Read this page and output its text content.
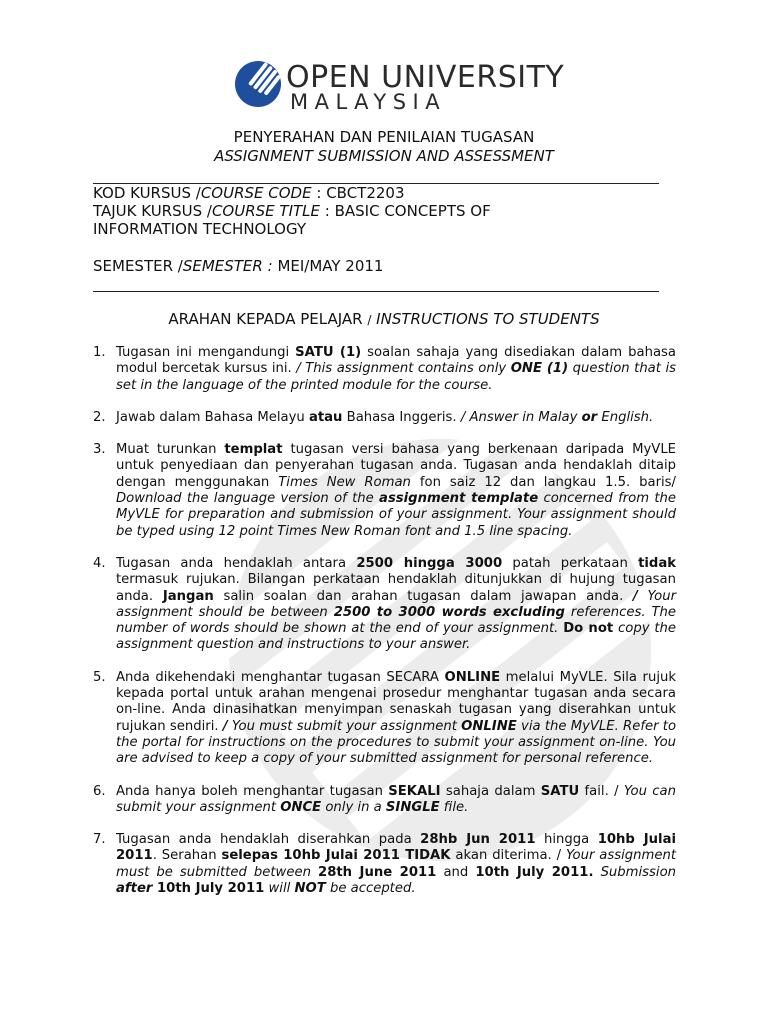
OPEN UNIVERSITY
MALAYSIA
PENYERAHAN DAN PENILAIAN TUGASAN
ASSIGNMENT SUBMISSION AND ASSESSMENT
KOD KURSUS /COURSE CODE : CBCT2203
TAJUK KURSUS /COURSE TITLE : BASIC CONCEPTS OF
INFORMATION TECHNOLOGY
SEMESTER /SEMESTER : MEI/MAY 2011
ARAHAN KEPADA PELAJAR / INSTRUCTIONS TO STUDENTS
1. Tugasan ini mengandungi SATU (1) soalan sahaja yang disediakan dalam bahasa modul bercetak kursus ini. / This assignment contains only ONE (1) question that is set in the language of the printed module for the course.
2. Jawab dalam Bahasa Melayu atau Bahasa Inggeris. / Answer in Malay or English.
3. Muat turunkan templat tugasan versi bahasa yang berkenaan daripada MyVLE untuk penyediaan dan penyerahan tugasan anda. Tugasan anda hendaklah ditaip dengan menggunakan Times New Roman fon saiz 12 dan langkau 1.5. baris/ Download the language version of the assignment template concerned from the MyVLE for preparation and submission of your assignment. Your assignment should be typed using 12 point Times New Roman font and 1.5 line spacing.
4. Tugasan anda hendaklah antara 2500 hingga 3000 patah perkataan tidak termasuk rujukan. Bilangan perkataan hendaklah ditunjukkan di hujung tugasan anda. Jangan salin soalan dan arahan tugasan dalam jawapan anda. / Your assignment should be between 2500 to 3000 words excluding references. The number of words should be shown at the end of your assignment. Do not copy the assignment question and instructions to your answer.
5. Anda dikehendaki menghantar tugasan SECARA ONLINE melalui MyVLE. Sila rujuk kepada portal untuk arahan mengenai prosedur menghantar tugasan anda secara on-line. Anda dinasihatkan menyimpan senaskah tugasan yang diserahkan untuk rujukan sendiri. / You must submit your assignment ONLINE via the MyVLE. Refer to the portal for instructions on the procedures to submit your assignment on-line. You are advised to keep a copy of your submitted assignment for personal reference.
6. Anda hanya boleh menghantar tugasan SEKALI sahaja dalam SATU fail. / You can submit your assignment ONCE only in a SINGLE file.
7. Tugasan anda hendaklah diserahkan pada 28hb Jun 2011 hingga 10hb Julai 2011. Serahan selepas 10hb Julai 2011 TIDAK akan diterima. / Your assignment must be submitted between 28th June 2011 and 10th July 2011. Submission after 10th July 2011 will NOT be accepted.
